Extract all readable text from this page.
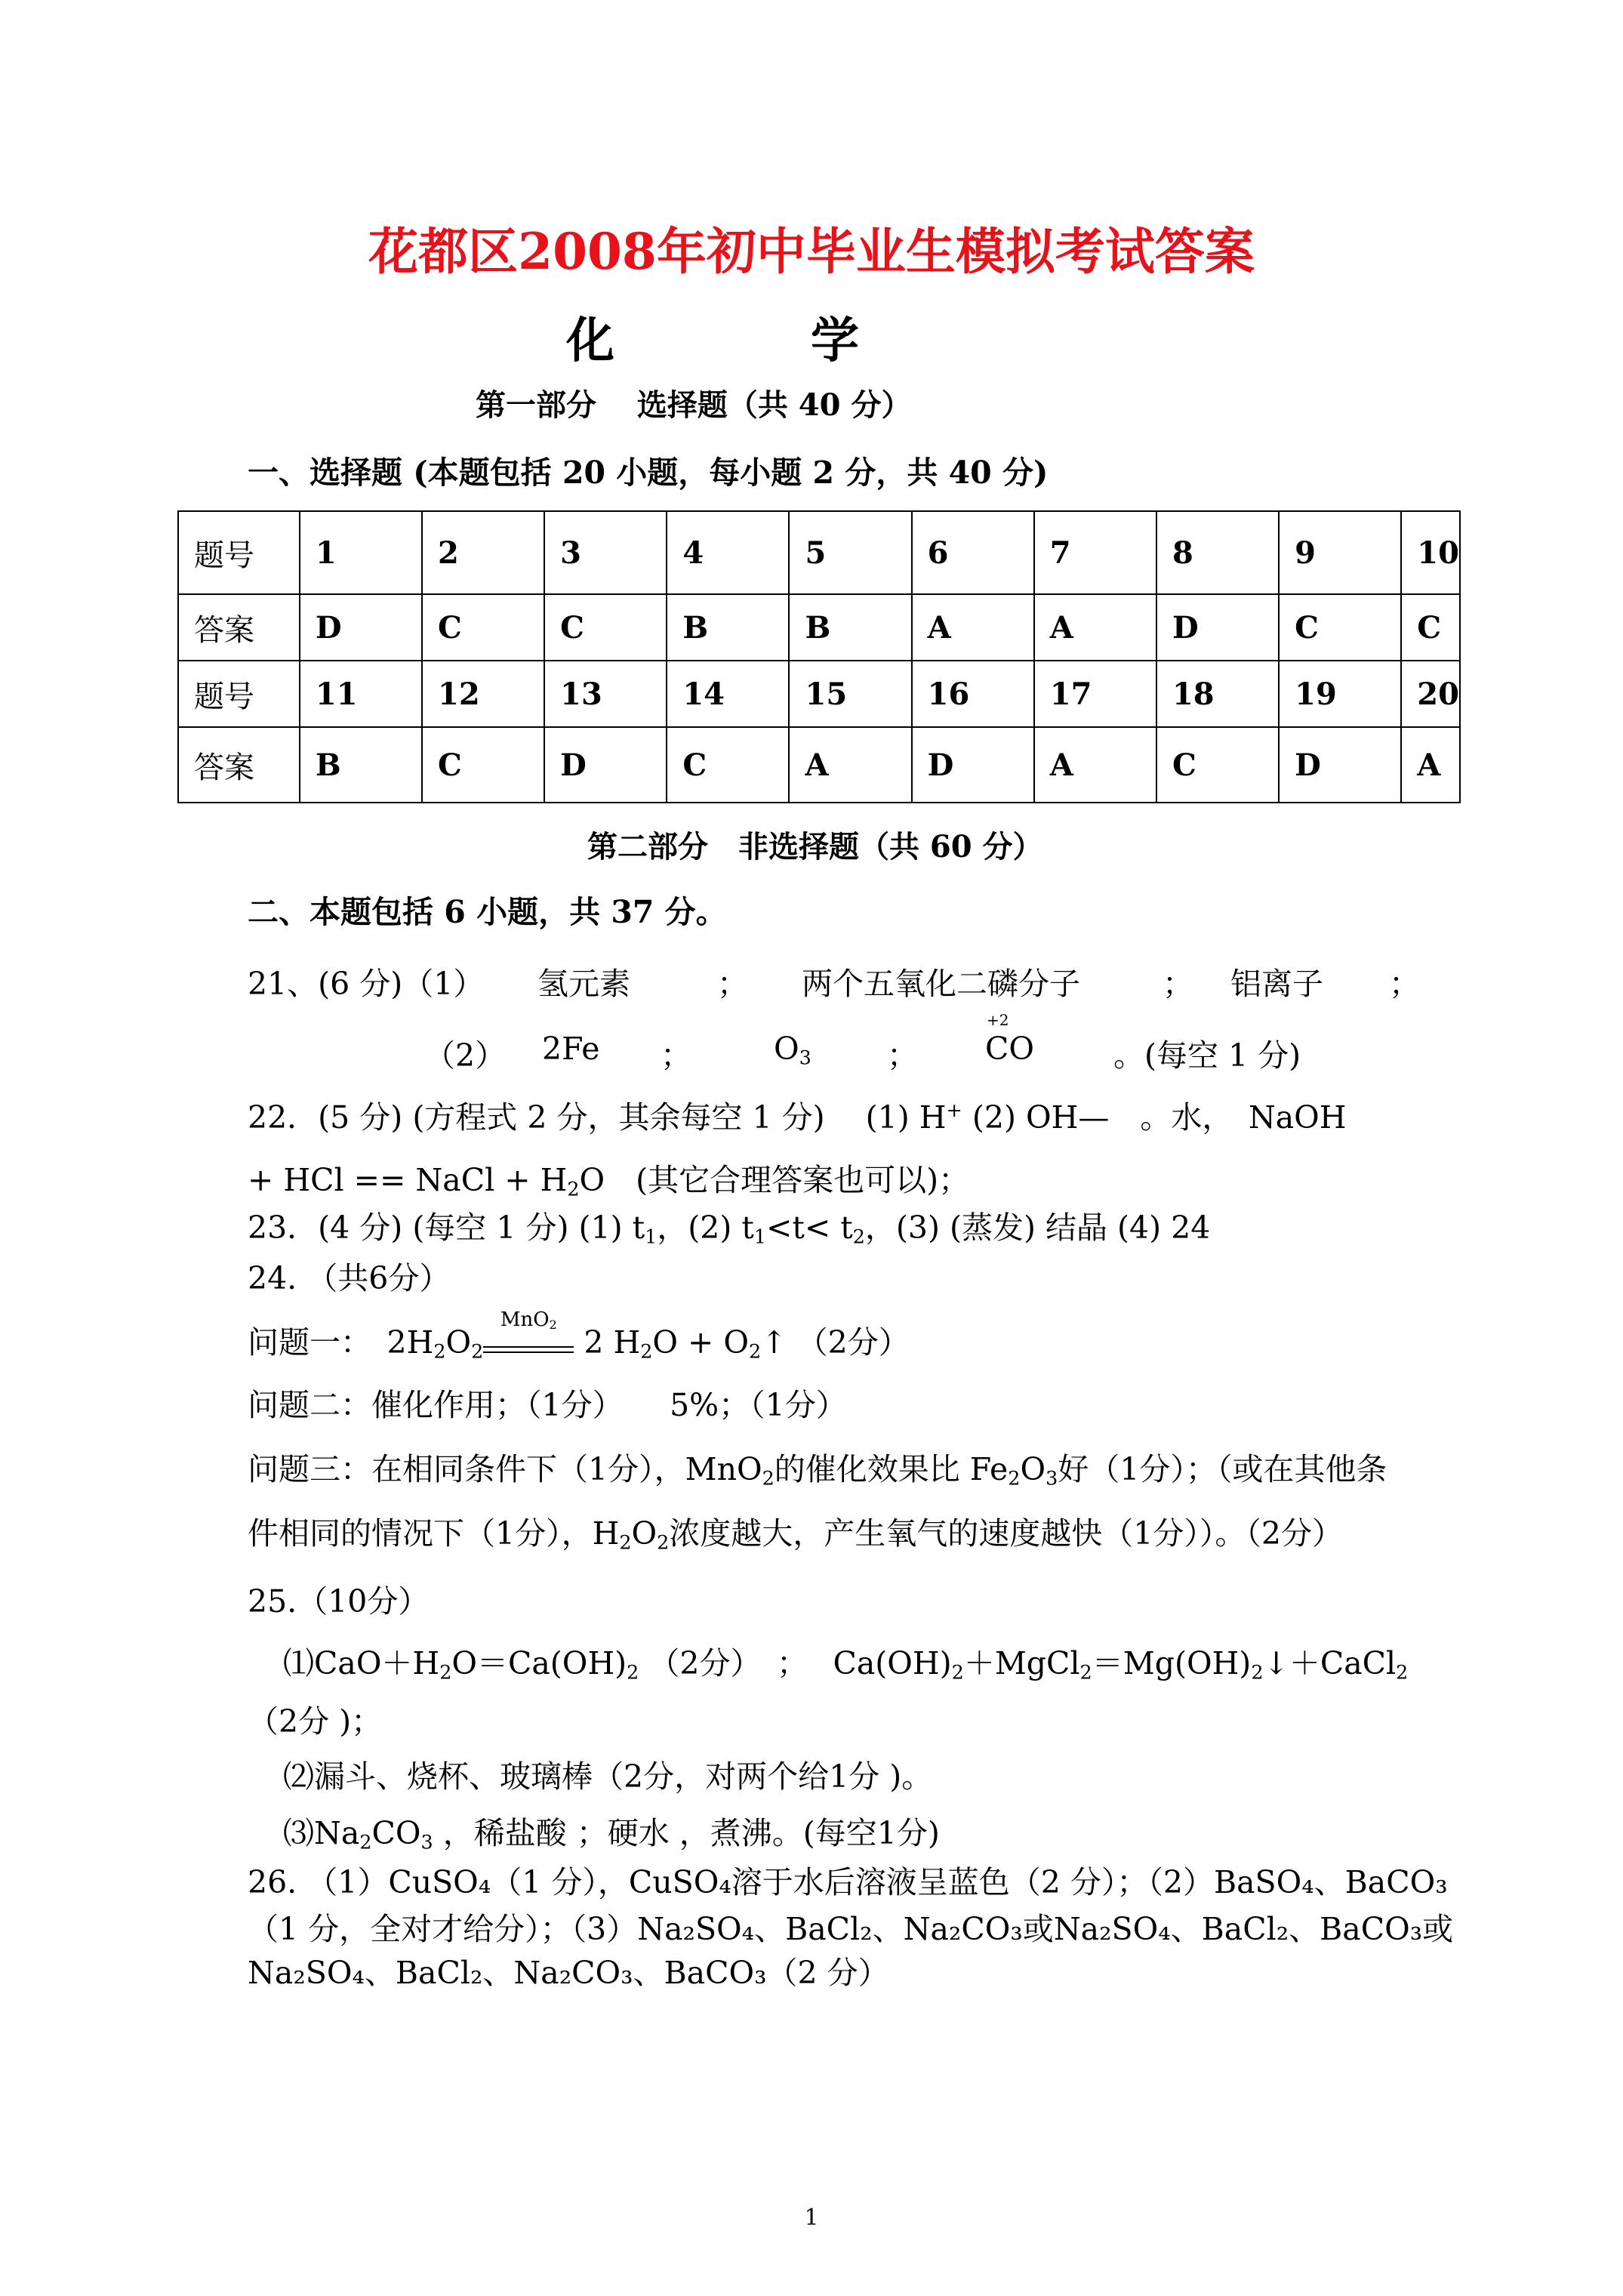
花都区2008年初中毕业生模拟考试答案
化	学
第一部分　 选择题（共 40 分）
一、选择题 (本题包括 20 小题，每小题 2 分，共 40 分)
题号	1	2	3	4	5	6	7	8	9	10
答案	D	C	C	B	B	A	A	D	C	C
题号	11	12	13	14	15	16	17	18	19	20
答案	B	C	D	C	A	D	A	C	D	A
第二部分　非选择题（共 60 分）
二、本题包括 6 小题，共 37 分。
21、(6 分)（1） 氢元素	； 两个五氧化二磷分子	； 铝离子 ；
（2） 2Fe ；	$O_3$ ；
+2
CO	。(每空 1 分)
22．(5 分) (方程式 2 分，其余每空 1 分)　 (1) H+ (2) OH—　。水，　NaOH
+ HCl == NaCl + $H_2O$　(其它合理答案也可以)；
23．(4 分) (每空 1 分) (1) $t_1$，(2) $t_1<t< t_2$，(3) (蒸发) 结晶 (4) 24
24. （共6分）
问题一：　$2H_2O_2$
MnO$_2$ 2 $H_2O$ + $O_2↑$ （2分）
问题二：催化作用；（1分）　　5%；（1分）
问题三：在相同条件下（1分），MnO$_2$的催化效果比 $Fe_2O_3$好（1分）；（或在其他条
件相同的情况下（1分），$H_2O_2$浓度越大，产生氧气的速度越快（1分））。（2分）
25.（10分）
$⑴CaO+H_2O=Ca(OH)_2$ （2分）　；　 $Ca(OH)_2+MgCl_2=Mg(OH)_2↓+CaCl_2$
（2分 )；
⑵漏斗、烧杯、玻璃棒（2分，对两个给1分 )。
$⑶Na_2CO_3$ ，稀盐酸 ；硬水 ，煮沸。(每空1分)
26. （1）CuSO₄（1 分），CuSO₄溶于水后溶液呈蓝色（2 分）；（2）BaSO₄、BaCO₃
（1 分，全对才给分）；（3）Na₂SO₄、BaCl₂、Na₂CO₃或Na₂SO₄、BaCl₂、BaCO₃或
Na₂SO₄、BaCl₂、Na₂CO₃、BaCO₃（2 分）
1
